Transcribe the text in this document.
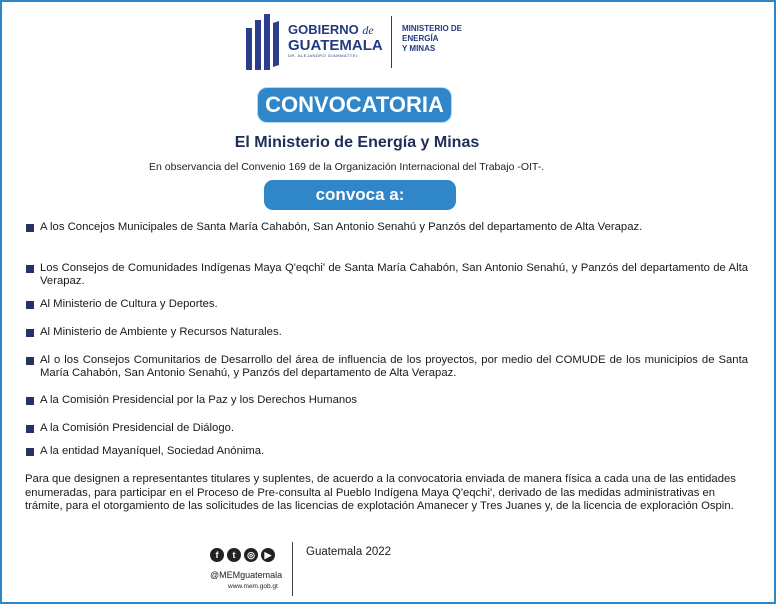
GOBIERNO de
GUATEMALA
DR. ALEJANDRO GIAMMATTEI
MINISTERIO DE
ENERGÍA
Y MINAS
CONVOCATORIA
El Ministerio de Energía y Minas
En observancia del Convenio 169 de la Organización Internacional del Trabajo -OIT-.
convoca a:
A los Concejos Municipales de Santa María Cahabón, San Antonio Senahú y Panzós del departamento de Alta Verapaz.
Los Consejos de Comunidades Indígenas Maya Q'eqchi' de Santa María Cahabón, San Antonio Senahú, y Panzós del departamento de Alta Verapaz.
Al Ministerio de Cultura y Deportes.
Al Ministerio de Ambiente y Recursos Naturales.
Al o los Consejos Comunitarios de Desarrollo del área de influencia de los proyectos, por medio del COMUDE de los municipios de Santa María Cahabón, San Antonio Senahú, y Panzós del departamento de Alta Verapaz.
A la Comisión Presidencial por la Paz y los Derechos Humanos
A la Comisión Presidencial de Diálogo.
A la entidad Mayaníquel, Sociedad Anónima.
Para que designen a representantes titulares y suplentes, de acuerdo a la convocatoria enviada de manera física a cada una de las entidades enumeradas, para participar en el Proceso de Pre-consulta al Pueblo Indígena Maya Q'eqchi', derivado de las medidas administrativas en trámite, para el otorgamiento de las solicitudes de las licencias de explotación Amanecer y Tres Juanes y, de la licencia de exploración Ospin.
f	t	◎	▶
@MEMguatemala
www.mem.gob.gt
Guatemala 2022
